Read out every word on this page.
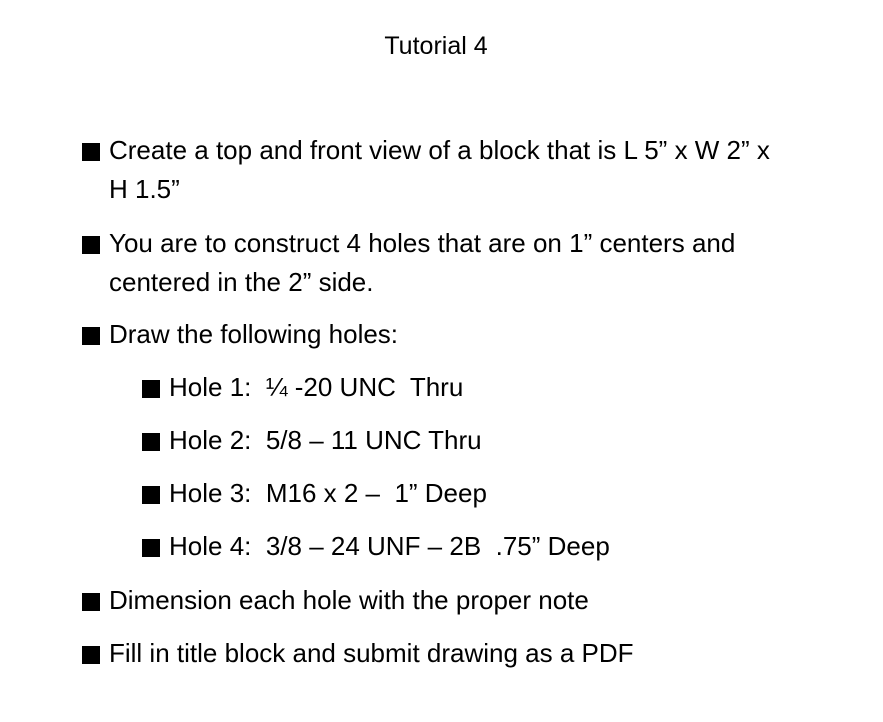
Tutorial 4
Create a top and front view of a block that is L 5” x W 2” x
H 1.5”
You are to construct 4 holes that are on 1” centers and
centered in the 2” side.
Draw the following holes:
Hole 1:  ¼ -20 UNC  Thru
Hole 2:  5/8 – 11 UNC Thru
Hole 3:  M16 x 2 –  1” Deep
Hole 4:  3/8 – 24 UNF – 2B  .75” Deep
Dimension each hole with the proper note
Fill in title block and submit drawing as a PDF
